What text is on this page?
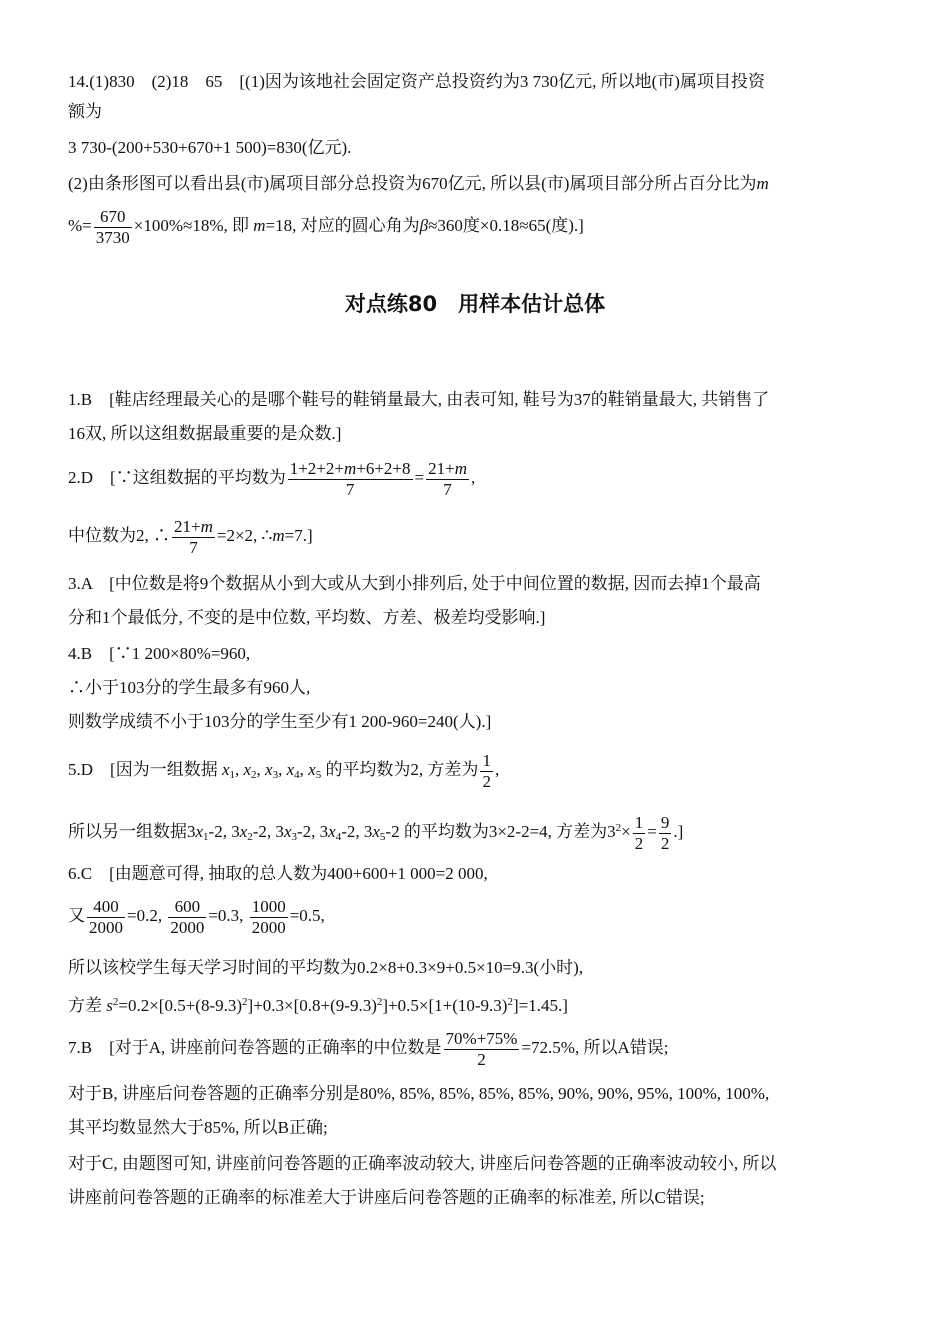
14.(1)830　(2)18　65　[(1)因为该地社会固定资产总投资约为3 730亿元, 所以地(市)属项目投资
额为
3 730-(200+530+670+1 500)=830(亿元).
(2)由条形图可以看出县(市)属项目部分总投资为670亿元, 所以县(市)属项目部分所占百分比为m
%= $\frac{670}{3730} \times 100\%\approx 18\%$, 即 m=18, 对应的圆心角为β≈360度×0.18≈65(度).]
对点练80　用样本估计总体
1.B　[鞋店经理最关心的是哪个鞋号的鞋销量最大, 由表可知, 鞋号为37的鞋销量最大, 共销售了
16双, 所以这组数据最重要的是众数.]
2.D　[∵这组数据的平均数为 $\frac{1+2+2+m+6+2+8}{7} = \frac{21+m}{7}$ ,
中位数为2, ∴ $\frac{21+m}{7} =2\times 2$, ∴m=7.]
3.A　[中位数是将9个数据从小到大或从大到小排列后, 处于中间位置的数据, 因而去掉1个最高
分和1个最低分, 不变的是中位数, 平均数、方差、极差均受影响.]
4.B　[∵1 200×80%=960,
∴小于103分的学生最多有960人,
则数学成绩不小于103分的学生至少有1 200-960=240(人).]
5.D　[因为一组数据 $x_1$, $x_2$, $x_3$, $x_4$, $x_5$ 的平均数为2, 方差为 $\frac{1}{2}$ ,
所以另一组数据$3x_1-2$, $3x_2-2$, $3x_3-2$, $3x_4-2$, $3x_5-2$ 的平均数为3×2-2=4, 方差为$3^2\times \frac{1}{2} = \frac{9}{2}$ .]
6.C　[由题意可得, 抽取的总人数为400+600+1 000=2 000,
又 $\frac{400}{2000} =0.2$, $\frac{600}{2000} =0.3$, $\frac{1000}{2000} =0.5$,
所以该校学生每天学习时间的平均数为0.2×8+0.3×9+0.5×10=9.3(小时),
方差 $s^2=0.2\times[0.5+(8-9.3)^2]+0.3\times[0.8+(9-9.3)^2]+0.5\times[1+(10-9.3)^2]=1.45$.]
7.B　[对于A, 讲座前问卷答题的正确率的中位数是 $\frac{70\%+75\%}{2} =72.5\%$, 所以A错误;
对于B, 讲座后问卷答题的正确率分别是80%, 85%, 85%, 85%, 85%, 90%, 90%, 95%, 100%, 100%,
其平均数显然大于85%, 所以B正确;
对于C, 由题图可知, 讲座前问卷答题的正确率波动较大, 讲座后问卷答题的正确率波动较小, 所以
讲座前问卷答题的正确率的标准差大于讲座后问卷答题的正确率的标准差, 所以C错误;
